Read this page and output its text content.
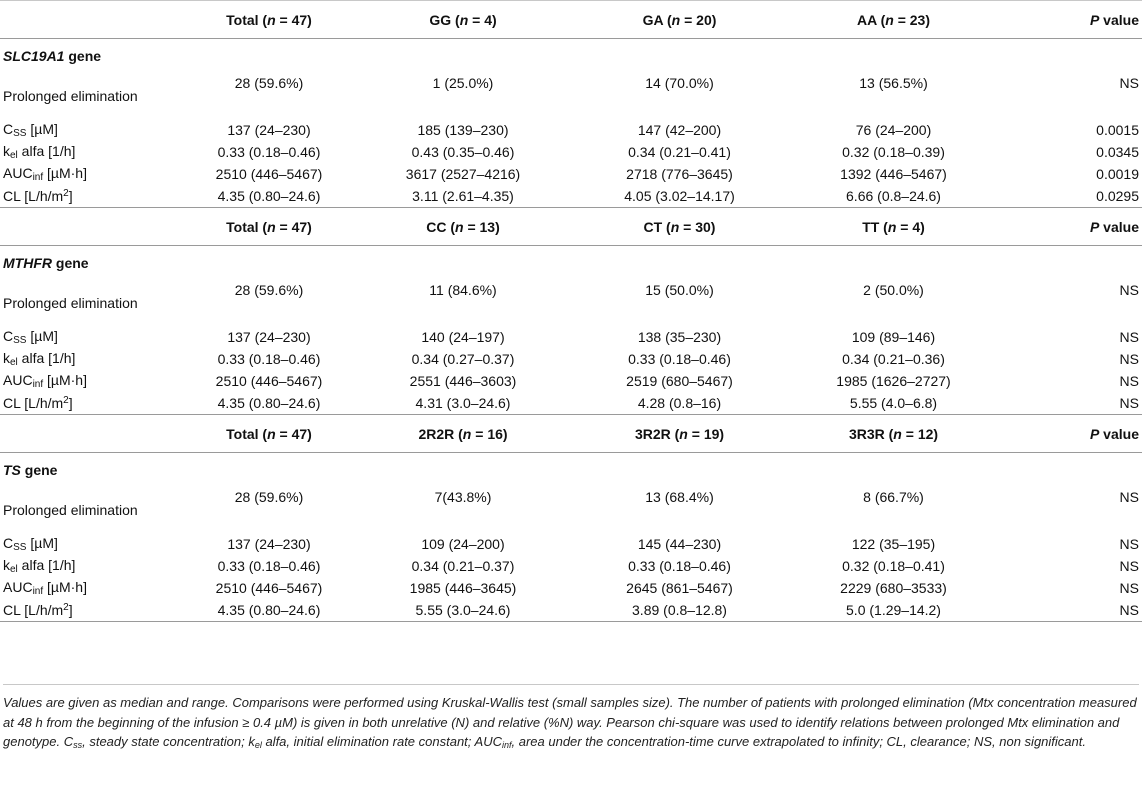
	Total (n = 47)	GG (n = 4)	GA (n = 20)	AA (n = 23)	P value
SLC19A1 gene					
Prolonged elimination	28 (59.6%)	1 (25.0%)	14 (70.0%)	13 (56.5%)	NS
$C_{SS}$ [µM]	137 (24–230)	185 (139–230)	147 (42–200)	76 (24–200)	0.0015
$k_{el}$ alfa [1/h]	0.33 (0.18–0.46)	0.43 (0.35–0.46)	0.34 (0.21–0.41)	0.32 (0.18–0.39)	0.0345
$AUC_{inf}$ [µM·h]	2510 (446–5467)	3617 (2527–4216)	2718 (776–3645)	1392 (446–5467)	0.0019
CL $[L/h/m^2]$	4.35 (0.80–24.6)	3.11 (2.61–4.35)	4.05 (3.02–14.17)	6.66 (0.8–24.6)	0.0295
	Total (n = 47)	CC (n = 13)	CT (n = 30)	TT (n = 4)	P value
MTHFR gene					
Prolonged elimination	28 (59.6%)	11 (84.6%)	15 (50.0%)	2 (50.0%)	NS
$C_{SS}$ [µM]	137 (24–230)	140 (24–197)	138 (35–230)	109 (89–146)	NS
$k_{el}$ alfa [1/h]	0.33 (0.18–0.46)	0.34 (0.27–0.37)	0.33 (0.18–0.46)	0.34 (0.21–0.36)	NS
$AUC_{inf}$ [µM·h]	2510 (446–5467)	2551 (446–3603)	2519 (680–5467)	1985 (1626–2727)	NS
CL $[L/h/m^2]$	4.35 (0.80–24.6)	4.31 (3.0–24.6)	4.28 (0.8–16)	5.55 (4.0–6.8)	NS
	Total (n = 47)	2R2R (n = 16)	3R2R (n = 19)	3R3R (n = 12)	P value
TS gene					
Prolonged elimination	28 (59.6%)	7(43.8%)	13 (68.4%)	8 (66.7%)	NS
$C_{SS}$ [µM]	137 (24–230)	109 (24–200)	145 (44–230)	122 (35–195)	NS
$k_{el}$ alfa [1/h]	0.33 (0.18–0.46)	0.34 (0.21–0.37)	0.33 (0.18–0.46)	0.32 (0.18–0.41)	NS
$AUC_{inf}$ [µM·h]	2510 (446–5467)	1985 (446–3645)	2645 (861–5467)	2229 (680–3533)	NS
CL $[L/h/m^2]$	4.35 (0.80–24.6)	5.55 (3.0–24.6)	3.89 (0.8–12.8)	5.0 (1.29–14.2)	NS
Values are given as median and range. Comparisons were performed using Kruskal-Wallis test (small samples size). The number of patients with prolonged elimination (Mtx concentration measured at 48 h from the beginning of the infusion ≥ 0.4 µM) is given in both unrelative (N) and relative (%N) way. Pearson chi-square was used to identify relations between prolonged Mtx elimination and genotype. $C_{ss}$, steady state concentration; $k_{el}$ alfa, initial elimination rate constant; $AUC_{inf}$, area under the concentration-time curve extrapolated to infinity; CL, clearance; NS, non significant.
